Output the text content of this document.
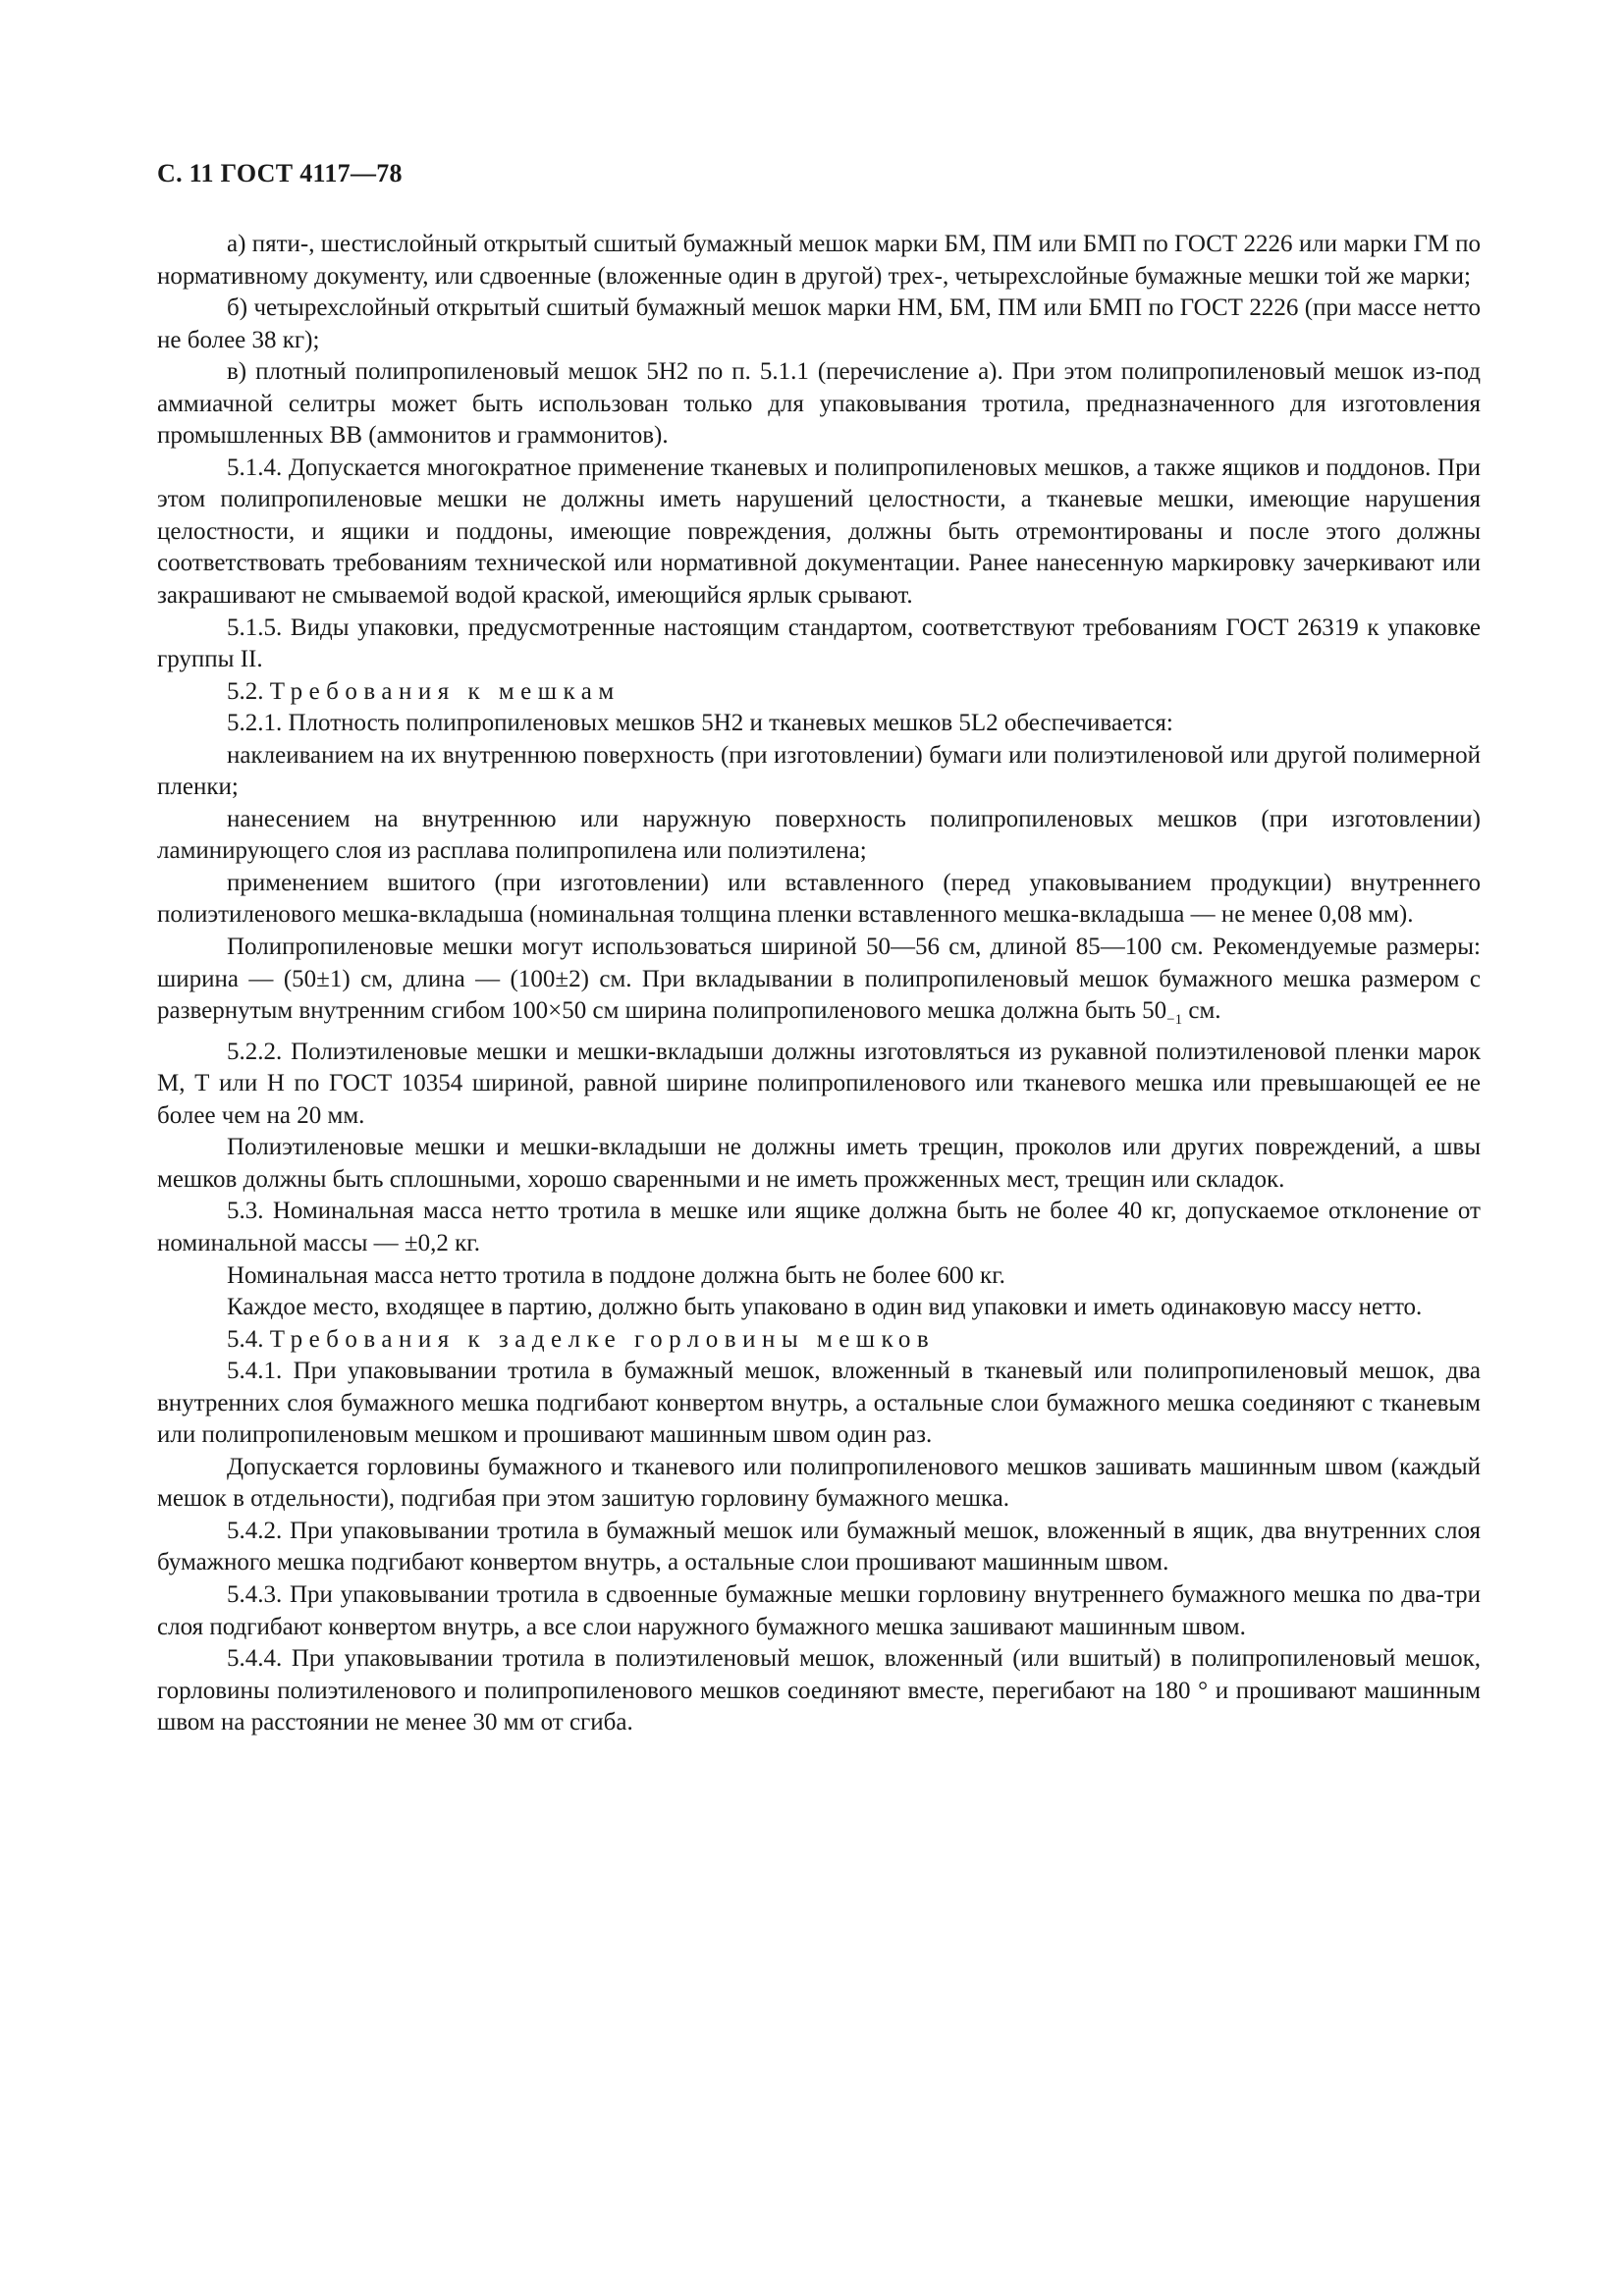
С. 11 ГОСТ 4117—78

а) пяти-, шестислойный открытый сшитый бумажный мешок марки БМ, ПМ или БМП по ГОСТ 2226 или марки ГМ по нормативному документу, или сдвоенные (вложенные один в другой) трех-, четырехслойные бумажные мешки той же марки;

б) четырехслойный открытый сшитый бумажный мешок марки НМ, БМ, ПМ или БМП по ГОСТ 2226 (при массе нетто не более 38 кг);

в) плотный полипропиленовый мешок 5Н2 по п. 5.1.1 (перечисление а). При этом полипропиленовый мешок из-под аммиачной селитры может быть использован только для упаковывания тротила, предназначенного для изготовления промышленных ВВ (аммонитов и граммонитов).

5.1.4. Допускается многократное применение тканевых и полипропиленовых мешков, а также ящиков и поддонов. При этом полипропиленовые мешки не должны иметь нарушений целостности, а тканевые мешки, имеющие нарушения целостности, и ящики и поддоны, имеющие повреждения, должны быть отремонтированы и после этого должны соответствовать требованиям технической или нормативной документации. Ранее нанесенную маркировку зачеркивают или закрашивают не смываемой водой краской, имеющийся ярлык срывают.

5.1.5. Виды упаковки, предусмотренные настоящим стандартом, соответствуют требованиям ГОСТ 26319 к упаковке группы II.

5.2. Требования к мешкам

5.2.1. Плотность полипропиленовых мешков 5Н2 и тканевых мешков 5L2 обеспечивается:

наклеиванием на их внутреннюю поверхность (при изготовлении) бумаги или полиэтиленовой или другой полимерной пленки;

нанесением на внутреннюю или наружную поверхность полипропиленовых мешков (при изготовлении) ламинирующего слоя из расплава полипропилена или полиэтилена;

применением вшитого (при изготовлении) или вставленного (перед упаковыванием продукции) внутреннего полиэтиленового мешка-вкладыша (номинальная толщина пленки вставленного мешка-вкладыша — не менее 0,08 мм).

Полипропиленовые мешки могут использоваться шириной 50—56 см, длиной 85—100 см. Рекомендуемые размеры: ширина — (50±1) см, длина — (100±2) см. При вкладывании в полипропиленовый мешок бумажного мешка размером с развернутым внутренним сгибом 100×50 см ширина полипропиленового мешка должна быть $50_{-1}$ см.

5.2.2. Полиэтиленовые мешки и мешки-вкладыши должны изготовляться из рукавной полиэтиленовой пленки марок М, Т или Н по ГОСТ 10354 шириной, равной ширине полипропиленового или тканевого мешка или превышающей ее не более чем на 20 мм.

Полиэтиленовые мешки и мешки-вкладыши не должны иметь трещин, проколов или других повреждений, а швы мешков должны быть сплошными, хорошо сваренными и не иметь прожженных мест, трещин или складок.

5.3. Номинальная масса нетто тротила в мешке или ящике должна быть не более 40 кг, допускаемое отклонение от номинальной массы — ±0,2 кг.

Номинальная масса нетто тротила в поддоне должна быть не более 600 кг.

Каждое место, входящее в партию, должно быть упаковано в один вид упаковки и иметь одинаковую массу нетто.

5.4. Требования к заделке горловины мешков

5.4.1. При упаковывании тротила в бумажный мешок, вложенный в тканевый или полипропиленовый мешок, два внутренних слоя бумажного мешка подгибают конвертом внутрь, а остальные слои бумажного мешка соединяют с тканевым или полипропиленовым мешком и прошивают машинным швом один раз.

Допускается горловины бумажного и тканевого или полипропиленового мешков зашивать машинным швом (каждый мешок в отдельности), подгибая при этом зашитую горловину бумажного мешка.

5.4.2. При упаковывании тротила в бумажный мешок или бумажный мешок, вложенный в ящик, два внутренних слоя бумажного мешка подгибают конвертом внутрь, а остальные слои прошивают машинным швом.

5.4.3. При упаковывании тротила в сдвоенные бумажные мешки горловину внутреннего бумажного мешка по два-три слоя подгибают конвертом внутрь, а все слои наружного бумажного мешка зашивают машинным швом.

5.4.4. При упаковывании тротила в полиэтиленовый мешок, вложенный (или вшитый) в полипропиленовый мешок, горловины полиэтиленового и полипропиленового мешков соединяют вместе, перегибают на 180 ° и прошивают машинным швом на расстоянии не менее 30 мм от сгиба.
